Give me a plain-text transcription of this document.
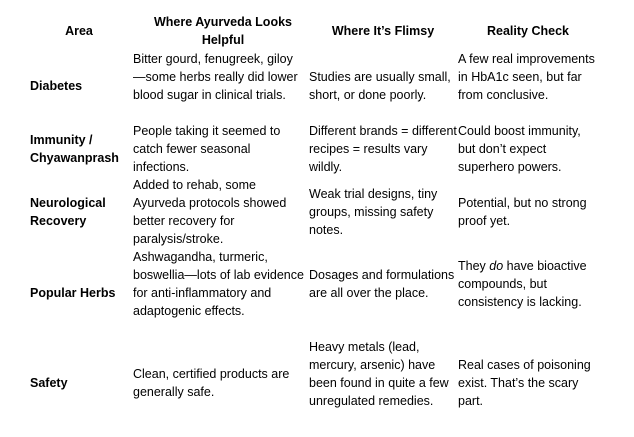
Area
Where Ayurveda Looks Helpful
Where It’s Flimsy	Reality Check
Diabetes
Bitter gourd, fenugreek, giloy—some herbs really did lower blood sugar in clinical trials.
Studies are usually small, short, or done poorly.
A few real improvements in HbA1c seen, but far from conclusive.
Immunity / Chyawanprash
People taking it seemed to catch fewer seasonal infections.
Different brands = different recipes = results vary wildly.
Could boost immunity, but don’t expect superhero powers.
Neurological Recovery
Added to rehab, some Ayurveda protocols showed better recovery for paralysis/stroke.
Weak trial designs, tiny groups, missing safety notes.
Potential, but no strong proof yet.
Popular Herbs
Ashwagandha, turmeric, boswellia—lots of lab evidence for anti-inflammatory and adaptogenic effects.
Dosages and formulations are all over the place.
They do have bioactive compounds, but consistency is lacking.
Safety
Clean, certified products are generally safe.
Heavy metals (lead, mercury, arsenic) have been found in quite a few unregulated remedies.
Real cases of poisoning exist. That’s the scary part.
